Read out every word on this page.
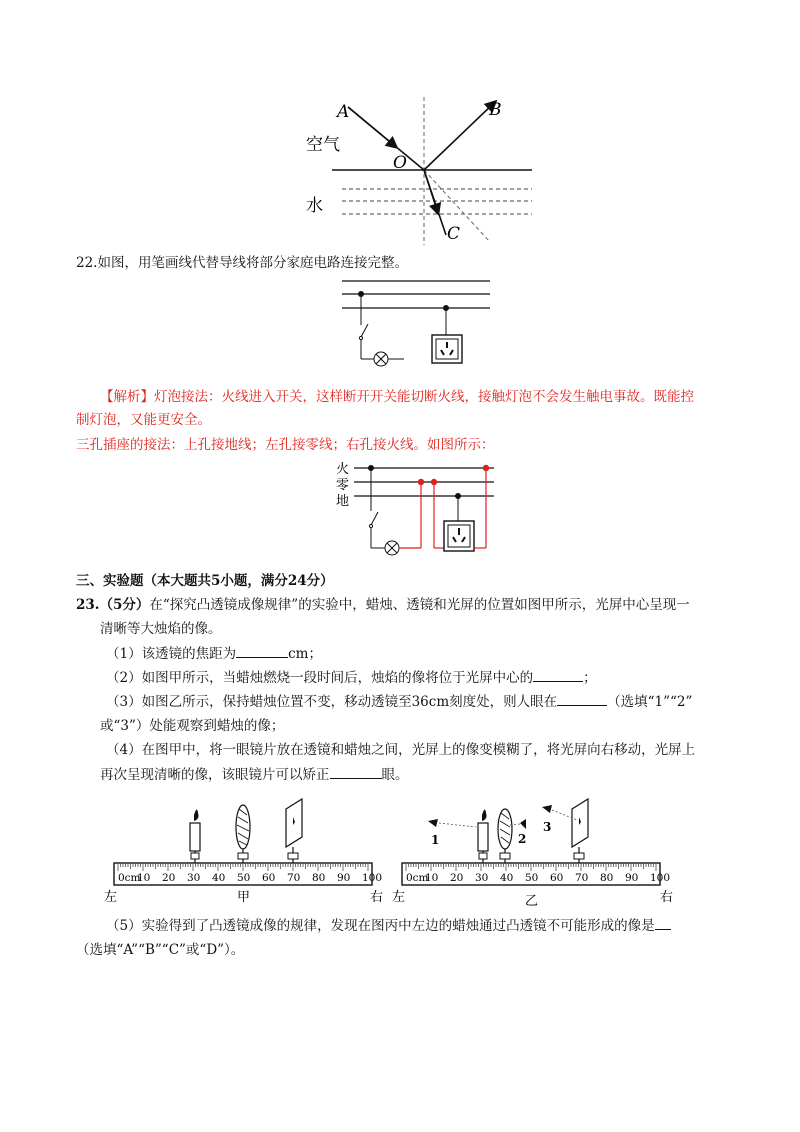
A	B
O
C
空气
水
22.如图，用笔画线代替导线将部分家庭电路连接完整。
【解析】灯泡接法：火线进入开关，这样断开开关能切断火线，接触灯泡不会发生触电事故。既能控
制灯泡，又能更安全。
三孔插座的接法：上孔接地线；左孔接零线；右孔接火线。如图所示：
火
零
地
三、实验题（本大题共5小题，满分24分）
23.（5分）在“探究凸透镜成像规律”的实验中，蜡烛、透镜和光屏的位置如图甲所示，光屏中心呈现一
清晰等大烛焰的像。
（1）该透镜的焦距为	cm；
（2）如图甲所示，当蜡烛燃烧一段时间后，烛焰的像将位于光屏中心的	；
（3）如图乙所示，保持蜡烛位置不变，移动透镜至36cm刻度处，则人眼在	（选填“1”“2”
或“3”）处能观察到蜡烛的像；
（4）在图甲中，将一眼镜片放在透镜和蜡烛之间，光屏上的像变模糊了，将光屏向右移动，光屏上
再次呈现清晰的像，该眼镜片可以矫正	眼。
0cm
10 20 30 40 50 60 70 80 90 100
左	右
甲
0cm
10 20 30 40 50 60 70 80 90 100
1	2
3
左	右
乙
（5）实验得到了凸透镜成像的规律，发现在图丙中左边的蜡烛通过凸透镜不可能形成的像是
（选填“A”“B”“C”或“D”）。
